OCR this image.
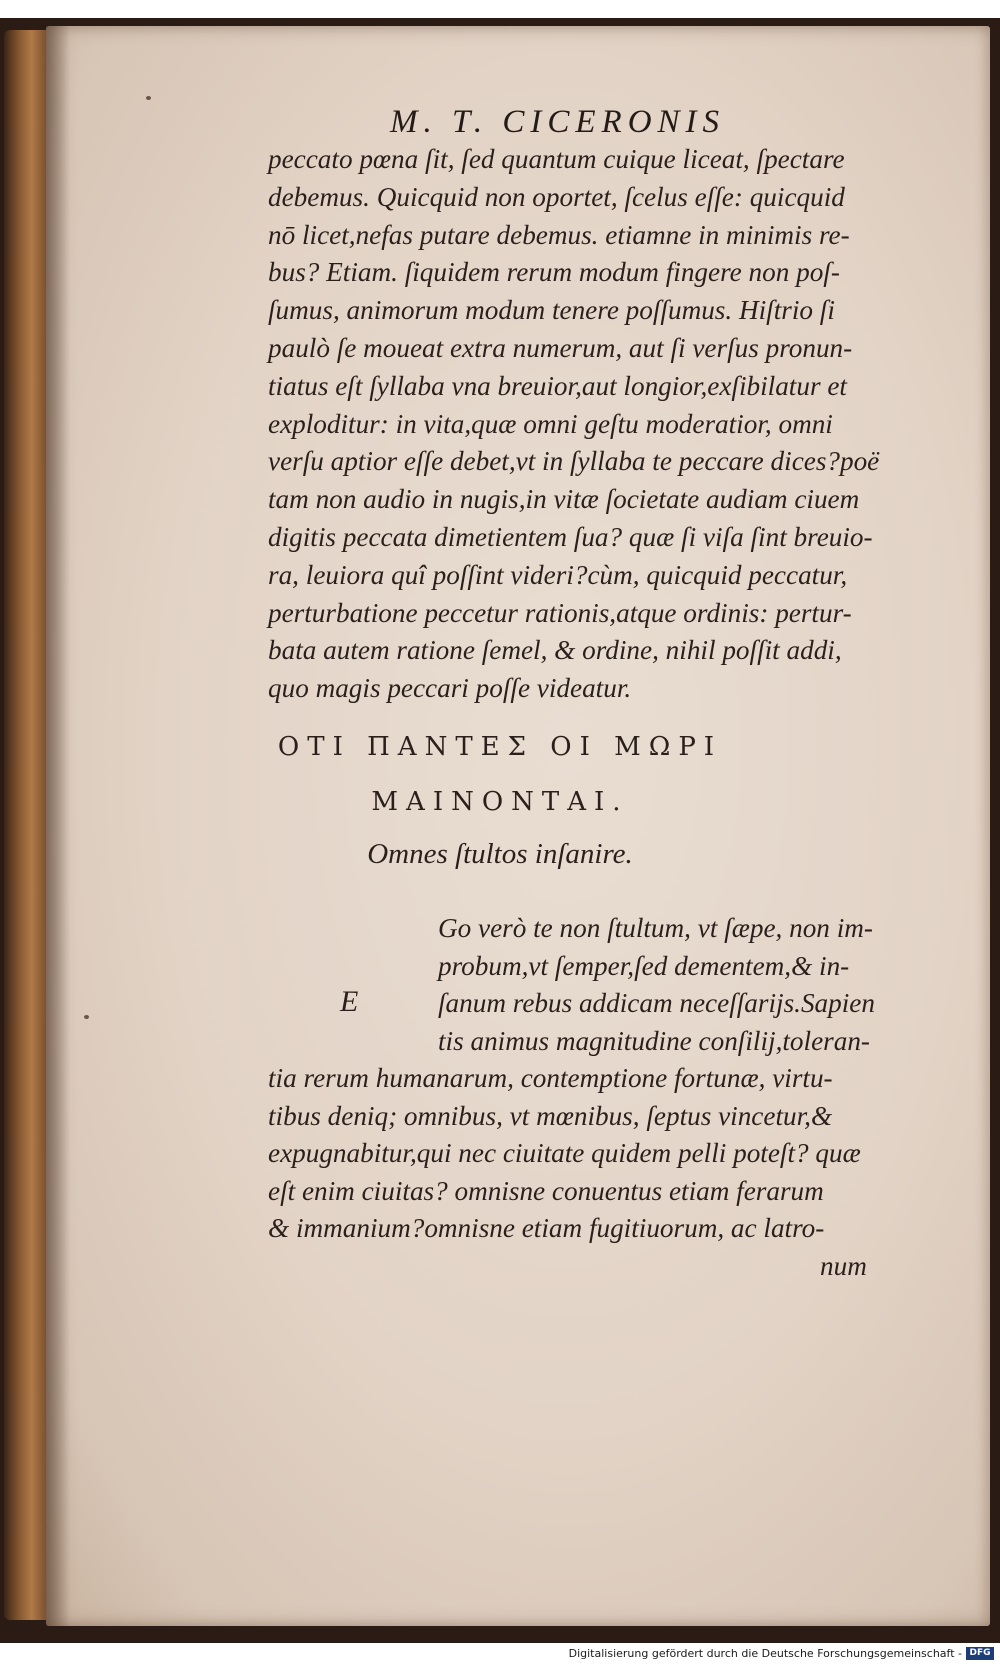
M. T. CICERONIS
peccato pœna ſit, ſed quantum cuique liceat, ſpectare
debemus. Quicquid non oportet, ſcelus eſſe: quicquid
nō licet,nefas putare debemus. etiamne in minimis re-
bus? Etiam. ſiquidem rerum modum fingere non poſ-
ſumus, animorum modum tenere poſſumus. Hiſtrio ſi
paulò ſe moueat extra numerum, aut ſi verſus pronun-
tiatus eſt ſyllaba vna breuior,aut longior,exſibilatur et
exploditur: in vita,quæ omni geſtu moderatior, omni
verſu aptior eſſe debet,vt in ſyllaba te peccare dices?poë
tam non audio in nugis,in vitæ ſocietate audiam ciuem
digitis peccata dimetientem ſua? quæ ſi viſa ſint breuio-
ra, leuiora quî poſſint videri?cùm, quicquid peccatur,
perturbatione peccetur rationis,atque ordinis: pertur-
bata autem ratione ſemel, & ordine, nihil poſſit addi,
quo magis peccari poſſe videatur.
ΟΤΙ ΠΑΝΤΕΣ ΟΙ ΜΩΡΙ
ΜΑΙΝΟΝΤΑΙ.
Omnes ſtultos inſanire.
E
Go verò te non ſtultum, vt ſæpe, non im-
probum,vt ſemper,ſed dementem,& in-
ſanum rebus addicam neceſſarijs.Sapien
tis animus magnitudine conſilij,toleran-
tia rerum humanarum, contemptione fortunæ, virtu-
tibus deniq; omnibus, vt mœnibus, ſeptus vincetur,&
expugnabitur,qui nec ciuitate quidem pelli poteſt? quæ
eſt enim ciuitas? omnisne conuentus etiam ferarum
& immanium?omnisne etiam fugitiuorum, ac latro-
num
Digitalisierung gefördert durch die Deutsche Forschungsgemeinschaft - DFG
